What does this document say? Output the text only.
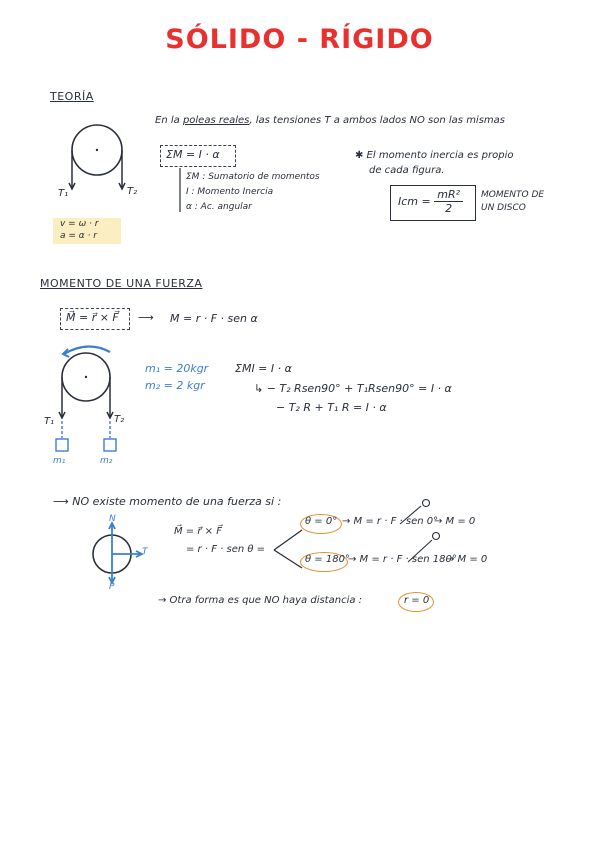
SÓLIDO - RÍGIDO
TEORÍA
En la poleas reales, las tensiones T a ambos lados NO son las mismas
T₁	T₂
v = ω · r
a = α · r
ΣM = I · α
ΣM : Sumatorio de momentos
I : Momento Inercia
α : Ac. angular
✱ El momento inercia es propio
de cada figura.
Icm = $\frac{\text{mR²}}{2}$ MOMENTO DE
UN DISCO
MOMENTO DE UNA FUERZA
M⃗ = r⃗ × F⃗ ⟶ M = r · F · sen α
T₁	T₂
m₁	m₂
m₁ = 20kgr
m₂ = 2 kgr
ΣMI = I · α
↳ − T₂ Rsen90° + T₁Rsen90° = I · α
− T₂ R + T₁ R = I · α
⟶ NO existe momento de una fuerza si :
N
T
P
M⃗ = r⃗ × F⃗
= r · F · sen θ =
θ = 0° → M = r · F · sen 0°
→ M = 0
θ = 180°
→ M = r · F · sen 180°
→ M = 0
→ Otra forma es que NO haya distancia :	r = 0
